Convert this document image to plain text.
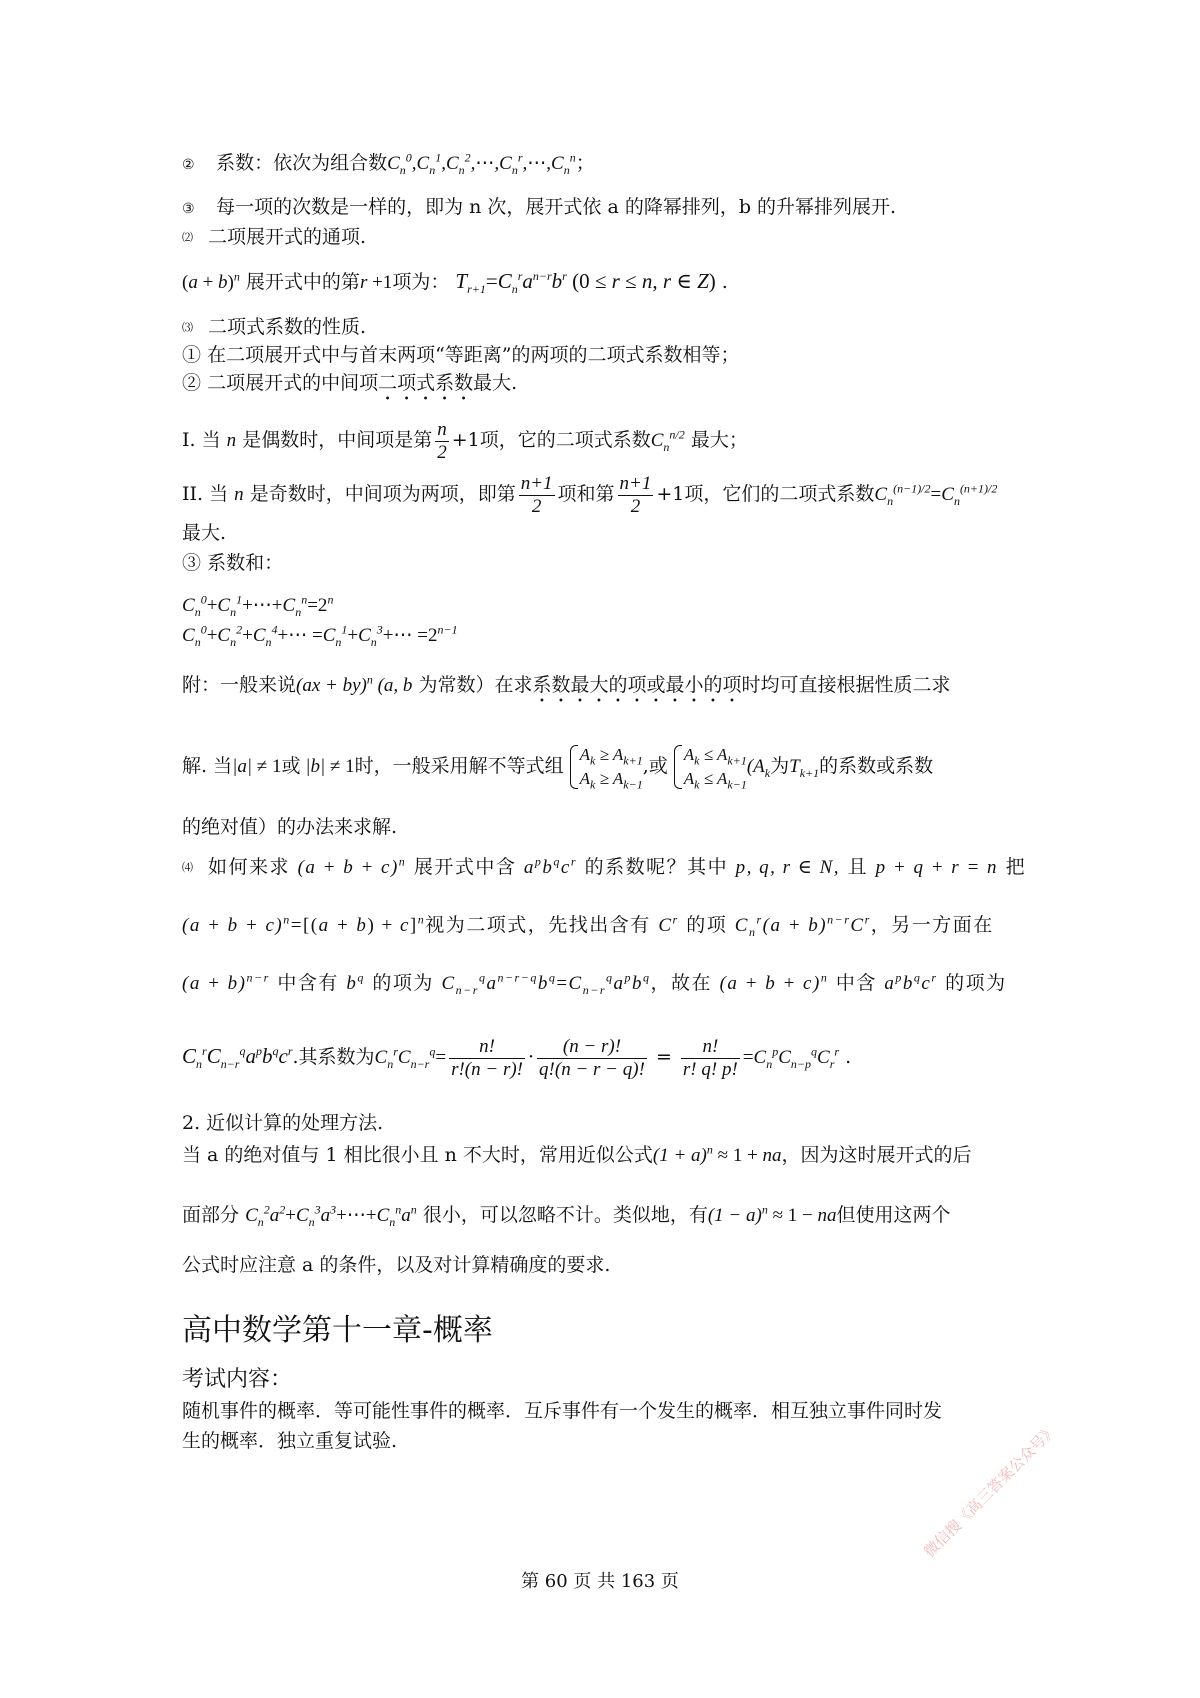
② 系数：依次为组合数$C_n^0,C_n^1,C_n^2,\cdots,C_n^r,\cdots,C_n^n$；
③ 每一项的次数是一样的，即为 n 次，展开式依 a 的降幂排列，b 的升幂排列展开.
⑵ 二项展开式的通项.
$(a + b)^n$ 展开式中的第r +1项为： $T_{r+1}=C_n^ra^{n-r}b^r$ (0 ≤ r ≤ n, r ∈ Z) .
⑶ 二项式系数的性质.
① 在二项展开式中与首末两项“等距离”的两项的二项式系数相等；
② 二项展开式的中间项二项式系数最大.
I. 当 n 是偶数时，中间项是第 $\frac{n}{2} +1$项，它的二项式系数$C_n^{n/2}$ 最大；
II. 当 n 是奇数时，中间项为两项，即第 $\frac{n+1}{2}$ 项和第 $\frac{n+1}{2} +1$项，它们的二项式系数$C_n^{(n-1)/2}=C_n^{(n+1)/2}$
最大.
③ 系数和：
$C_n^0+C_n^1+\cdots+C_n^n=2^n$
$C_n^0+C_n^2+C_n^4+\cdots$ $=C_n^1+C_n^3+\cdots =2^{n-1}$
附：一般来说(ax + by)$^n$ (a, b 为常数）在求系数最大的项或最小的项时均可直接根据性质二求
解. 当|a| ≠ 1或 |b| ≠ 1时，一般采用解不等式组
$A_k \ge A_{k+1}$
$A_k \ge A_{k-1}$
,或
$A_k \le A_{k+1}$
$A_k \le A_{k-1}$
($A_k$为$T_{k+1}$的系数或系数
的绝对值）的办法来求解.
⑷ 如何来求 $(a + b + c)^n$ 展开式中含 $a^pb^qc^r$ 的系数呢？其中 p, q, r ∈ N, 且 p + q + r = n 把
$(a + b + c)^n=[(a + b) + c]^n$视为二项式，先找出含有 $C^r$ 的项 $C_n^r(a + b)^{n-r}C^r$，另一方面在
$(a + b)^{n-r}$ 中含有 $b^q$ 的项为 $C_{n-r}^qa^{n-r-q}b^q=C_{n-r}^qa^pb^q$，故在 $(a + b + c)^n$ 中含 $a^pb^qc^r$ 的项为
$C_n^rC_{n-r}^qa^pb^qc^r$.其系数为$C_n^rC_{n-r}^q= \frac{n!}{r!(n - r)!} \cdot \frac{(n - r)!}{q!(n - r - q)!} = \frac{n!}{r! q! p!} =C_n^pC_{n-p}^qC_r^r$ .
2. 近似计算的处理方法.
当 a 的绝对值与 1 相比很小且 n 不大时，常用近似公式$(1 + a)^n \approx 1$ + na，因为这时展开式的后
面部分 $C_n^2a^2+C_n^3a^3+\cdots+C_n^na^n$ 很小，可以忽略不计。类似地，有$(1 - a)^n \approx 1$ − na但使用这两个
公式时应注意 a 的条件，以及对计算精确度的要求.
高中数学第十一章-概率
考试内容：
随机事件的概率．等可能性事件的概率．互斥事件有一个发生的概率．相互独立事件同时发
生的概率．独立重复试验.
第 60 页 共 163 页
微信搜《高三答案公众号》
